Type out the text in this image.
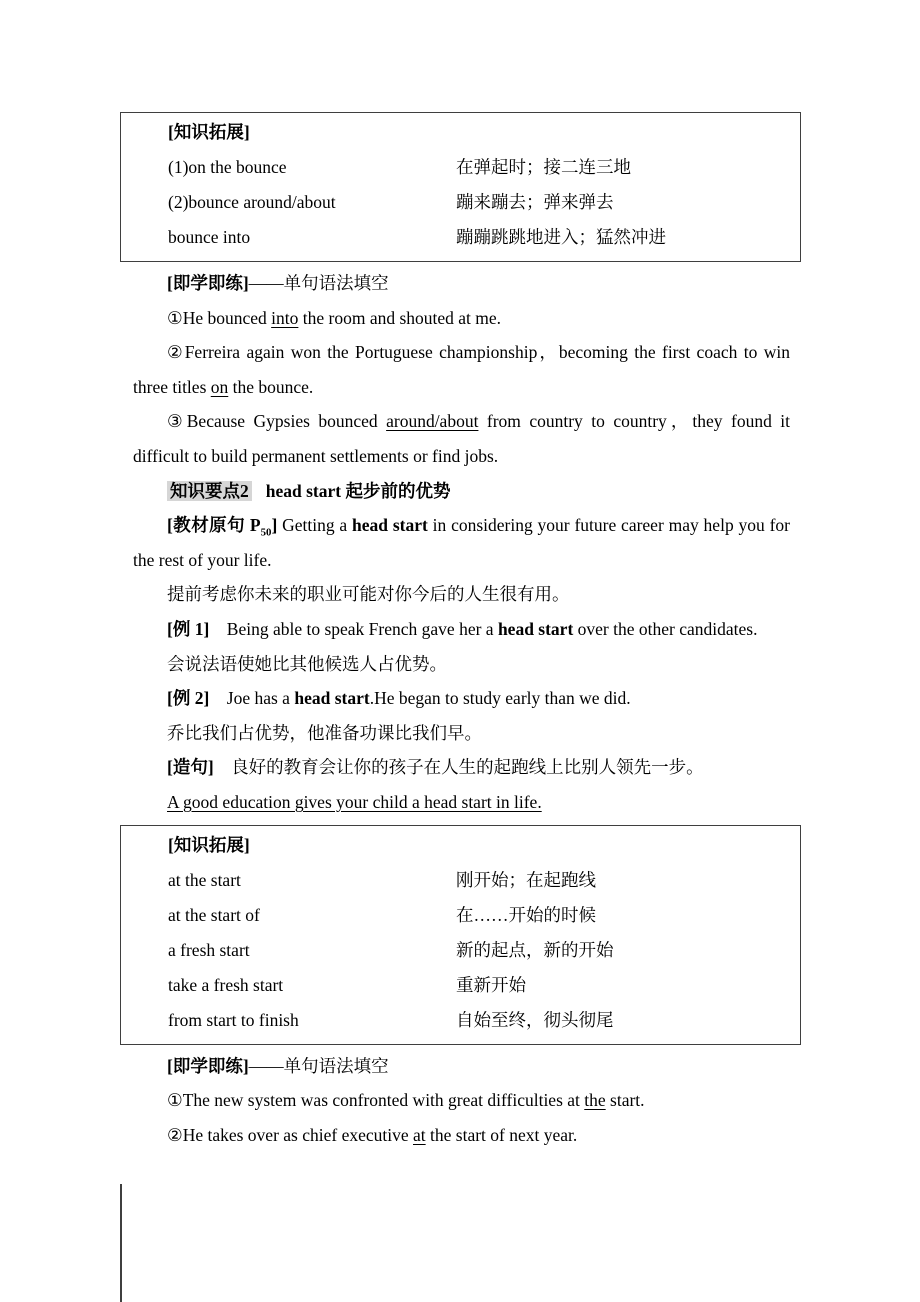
[知识拓展]
(1)on the bounce	在弹起时；接二连三地
(2)bounce around/about	蹦来蹦去；弹来弹去
bounce into	蹦蹦跳跳地进入；猛然冲进

[即学即练]——单句语法填空

①He bounced into the room and shouted at me.

②Ferreira again won the Portuguese championship，becoming the first coach to win three titles on the bounce.

③Because Gypsies bounced around/about from country to country，they found it difficult to build permanent settlements or find jobs.

知识要点2 head start 起步前的优势

[教材原句 $P_{50}$] Getting a head start in considering your future career may help you for the rest of your life.

提前考虑你未来的职业可能对你今后的人生很有用。

[例 1]　Being able to speak French gave her a head start over the other candidates.

会说法语使她比其他候选人占优势。

[例 2]　Joe has a head start.He began to study early than we did.

乔比我们占优势，他准备功课比我们早。

[造句]　良好的教育会让你的孩子在人生的起跑线上比别人领先一步。

A good education gives your child a head start in life.

[知识拓展]
at the start	刚开始；在起跑线
at the start of	在……开始的时候
a fresh start	新的起点，新的开始
take a fresh start	重新开始
from start to finish	自始至终，彻头彻尾

[即学即练]——单句语法填空

①The new system was confronted with great difficulties at the start.

②He takes over as chief executive at the start of next year.
